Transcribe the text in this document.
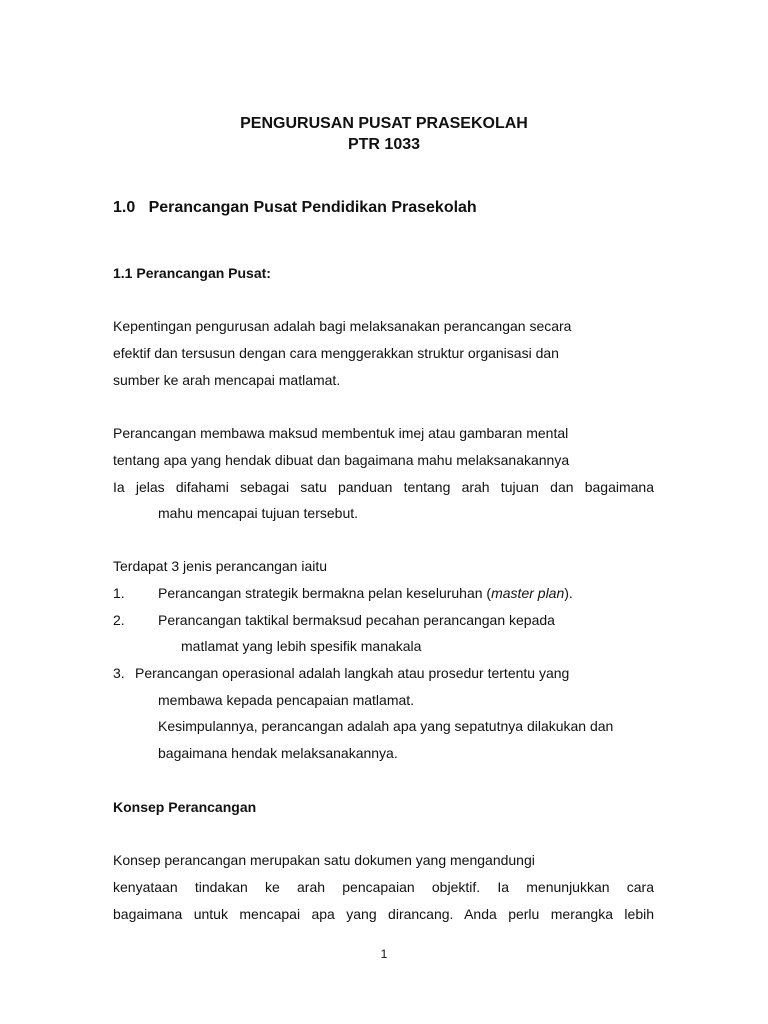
PENGURUSAN PUSAT PRASEKOLAH
PTR 1033
1.0   Perancangan Pusat Pendidikan Prasekolah
1.1 Perancangan Pusat:
Kepentingan pengurusan adalah bagi melaksanakan perancangan secara
efektif dan tersusun dengan cara menggerakkan struktur organisasi dan
sumber ke arah mencapai matlamat.
Perancangan membawa maksud membentuk imej atau gambaran mental
tentang apa yang hendak dibuat dan bagaimana mahu melaksanakannya
Ia jelas difahami sebagai satu panduan tentang arah tujuan dan bagaimana
mahu mencapai tujuan tersebut.
Terdapat 3 jenis perancangan iaitu
1. Perancangan strategik bermakna pelan keseluruhan (master plan).
2. Perancangan taktikal bermaksud pecahan perancangan kepada
matlamat yang lebih spesifik manakala
3. Perancangan operasional adalah langkah atau prosedur tertentu yang
membawa kepada pencapaian matlamat.
Kesimpulannya, perancangan adalah apa yang sepatutnya dilakukan dan
bagaimana hendak melaksanakannya.
Konsep Perancangan
Konsep perancangan merupakan satu dokumen yang mengandungi
kenyataan tindakan ke arah pencapaian objektif. Ia menunjukkan cara
bagaimana untuk mencapai apa yang dirancang. Anda perlu merangka lebih
1
